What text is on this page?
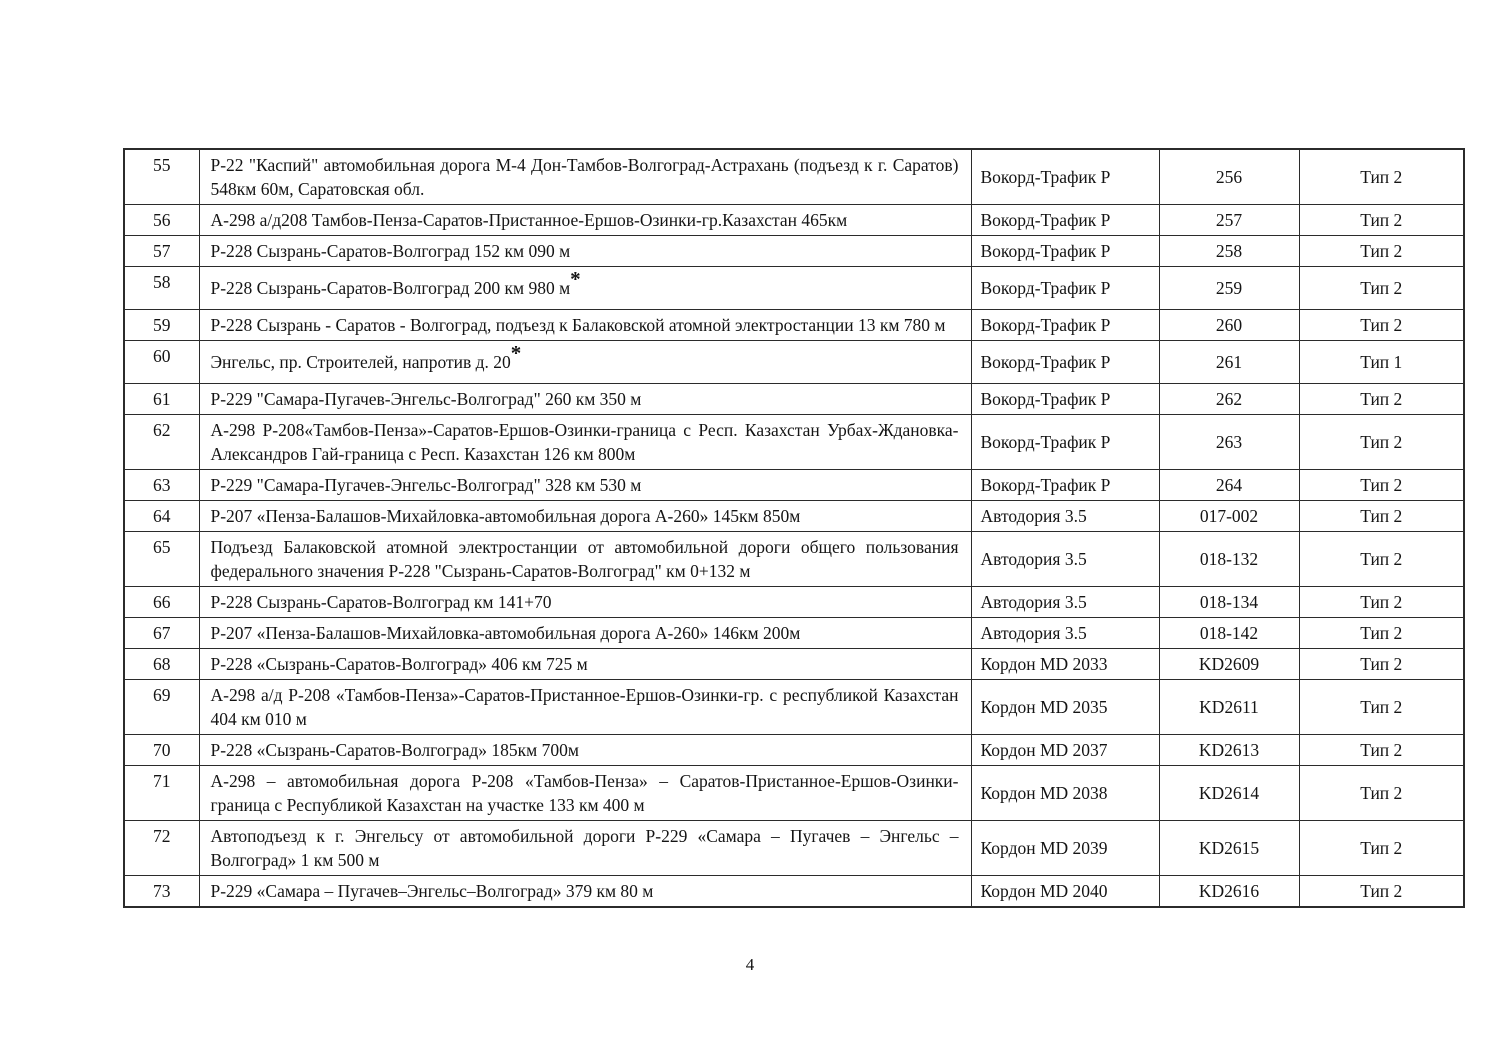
55	Р-22 "Каспий" автомобильная дорога М-4 Дон-Тамбов-Волгоград-Астрахань (подъезд к г. Саратов) 548км 60м, Саратовская обл.	Вокорд-Трафик Р	256	Тип 2
56	А-298 а/д208 Тамбов-Пенза-Саратов-Пристанное-Ершов-Озинки-гр.Казахстан 465км	Вокорд-Трафик Р	257	Тип 2
57	Р-228 Сызрань-Саратов-Волгоград 152 км 090 м	Вокорд-Трафик Р	258	Тип 2
58	Р-228 Сызрань-Саратов-Волгоград 200 км 980 м*	Вокорд-Трафик Р	259	Тип 2
59	Р-228 Сызрань - Саратов - Волгоград, подъезд к Балаковской атомной электростанции 13 км 780 м	Вокорд-Трафик Р	260	Тип 2
60	Энгельс, пр. Строителей, напротив д. 20*	Вокорд-Трафик Р	261	Тип 1
61	Р-229 "Самара-Пугачев-Энгельс-Волгоград" 260 км 350 м	Вокорд-Трафик Р	262	Тип 2
62	А-298 Р-208«Тамбов-Пенза»-Саратов-Ершов-Озинки-граница с Респ. Казахстан Урбах-Ждановка-Александров Гай-граница с Респ. Казахстан 126 км 800м	Вокорд-Трафик Р	263	Тип 2
63	Р-229 "Самара-Пугачев-Энгельс-Волгоград" 328 км 530 м	Вокорд-Трафик Р	264	Тип 2
64	Р-207 «Пенза-Балашов-Михайловка-автомобильная дорога А-260» 145км 850м	Автодория 3.5	017-002	Тип 2
65	Подъезд Балаковской атомной электростанции от автомобильной дороги общего пользования федерального значения Р-228 "Сызрань-Саратов-Волгоград" км 0+132 м	Автодория 3.5	018-132	Тип 2
66	Р-228 Сызрань-Саратов-Волгоград км 141+70	Автодория 3.5	018-134	Тип 2
67	Р-207 «Пенза-Балашов-Михайловка-автомобильная дорога А-260» 146км 200м	Автодория 3.5	018-142	Тип 2
68	Р-228 «Сызрань-Саратов-Волгоград» 406 км 725 м	Кордон MD 2033	KD2609	Тип 2
69	А-298 а/д Р-208 «Тамбов-Пенза»-Саратов-Пристанное-Ершов-Озинки-гр. с республикой Казахстан 404 км 010 м	Кордон MD 2035	KD2611	Тип 2
70	Р-228 «Сызрань-Саратов-Волгоград» 185км 700м	Кордон MD 2037	KD2613	Тип 2
71	А-298 – автомобильная дорога Р-208 «Тамбов-Пенза» – Саратов-Пристанное-Ершов-Озинки-граница с Республикой Казахстан на участке 133 км 400 м	Кордон MD 2038	KD2614	Тип 2
72	Автоподъезд к г. Энгельсу от автомобильной дороги Р-229 «Самара – Пугачев – Энгельс – Волгоград» 1 км 500 м	Кордон MD 2039	KD2615	Тип 2
73	Р-229 «Самара – Пугачев–Энгельс–Волгоград» 379 км 80 м	Кордон MD 2040	KD2616	Тип 2
4
